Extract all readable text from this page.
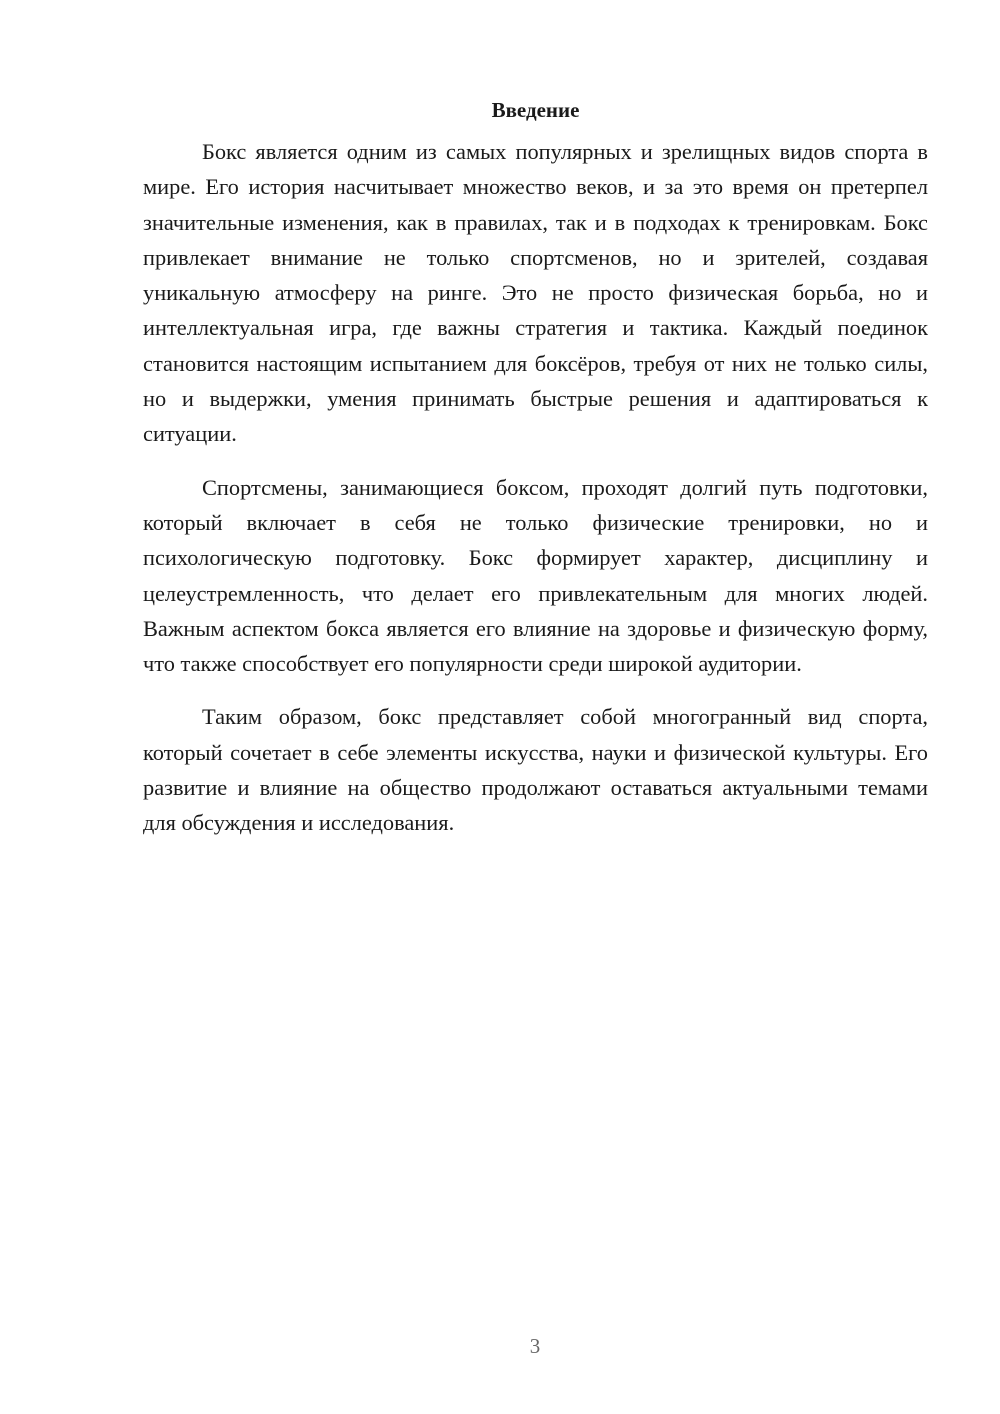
Введение

Бокс является одним из самых популярных и зрелищных видов спорта в мире. Его история насчитывает множество веков, и за это время он претерпел значительные изменения, как в правилах, так и в подходах к тренировкам. Бокс привлекает внимание не только спортсменов, но и зрителей, создавая уникальную атмосферу на ринге. Это не просто физическая борьба, но и интеллектуальная игра, где важны стратегия и тактика. Каждый поединок становится настоящим испытанием для боксёров, требуя от них не только силы, но и выдержки, умения принимать быстрые решения и адаптироваться к ситуации.

Спортсмены, занимающиеся боксом, проходят долгий путь подготовки, который включает в себя не только физические тренировки, но и психологическую подготовку. Бокс формирует характер, дисциплину и целеустремленность, что делает его привлекательным для многих людей. Важным аспектом бокса является его влияние на здоровье и физическую форму, что также способствует его популярности среди широкой аудитории.

Таким образом, бокс представляет собой многогранный вид спорта, который сочетает в себе элементы искусства, науки и физической культуры. Его развитие и влияние на общество продолжают оставаться актуальными темами для обсуждения и исследования.

3
